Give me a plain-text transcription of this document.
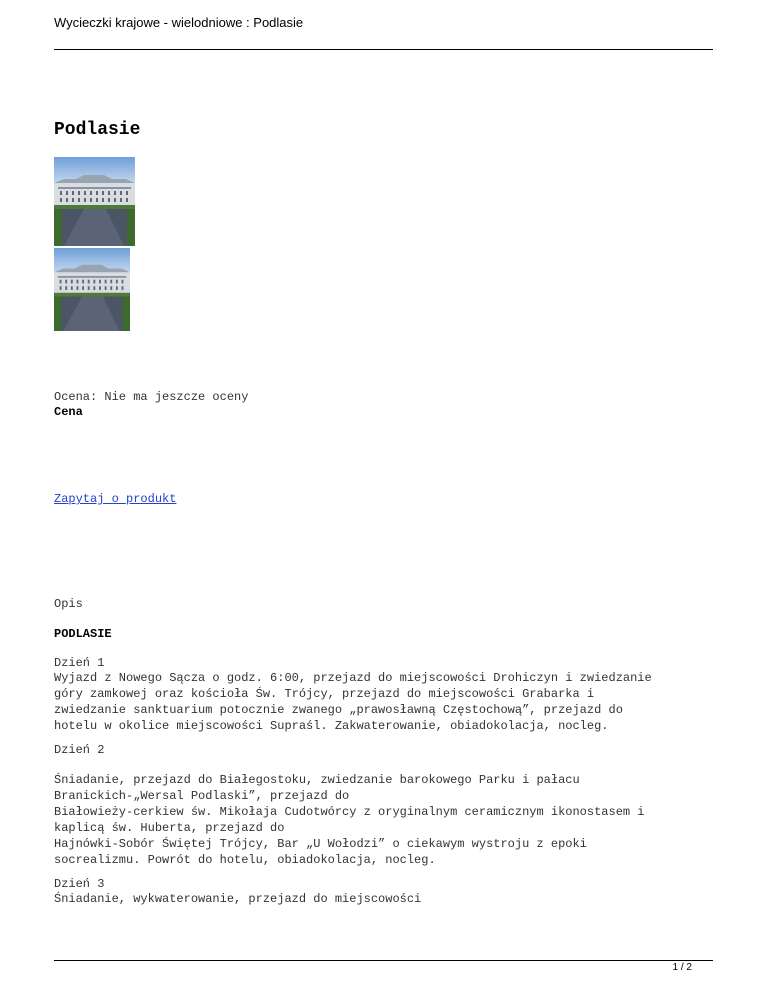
Wycieczki krajowe - wielodniowe : Podlasie
Podlasie
Ocena: Nie ma jeszcze oceny
Cena
Zapytaj o produkt
Opis
PODLASIE
Dzień 1
Wyjazd z Nowego Sącza o godz. 6:00, przejazd do miejscowości Drohiczyn i zwiedzanie
góry zamkowej oraz kościoła Św. Trójcy, przejazd do miejscowości Grabarka i
zwiedzanie sanktuarium potocznie zwanego „prawosławną Częstochową”, przejazd do
hotelu w okolice miejscowości Supraśl. Zakwaterowanie, obiadokolacja, nocleg.
Dzień 2
Śniadanie, przejazd do Białegostoku, zwiedzanie barokowego Parku i pałacu
Branickich-„Wersal Podlaski”, przejazd do
Białowieży-cerkiew św. Mikołaja Cudotwórcy z oryginalnym ceramicznym ikonostasem i
kaplicą św. Huberta, przejazd do
Hajnówki-Sobór Świętej Trójcy, Bar „U Wołodzi” o ciekawym wystroju z epoki
socrealizmu. Powrót do hotelu, obiadokolacja, nocleg.
Dzień 3
Śniadanie, wykwaterowanie, przejazd do miejscowości
1 / 2
